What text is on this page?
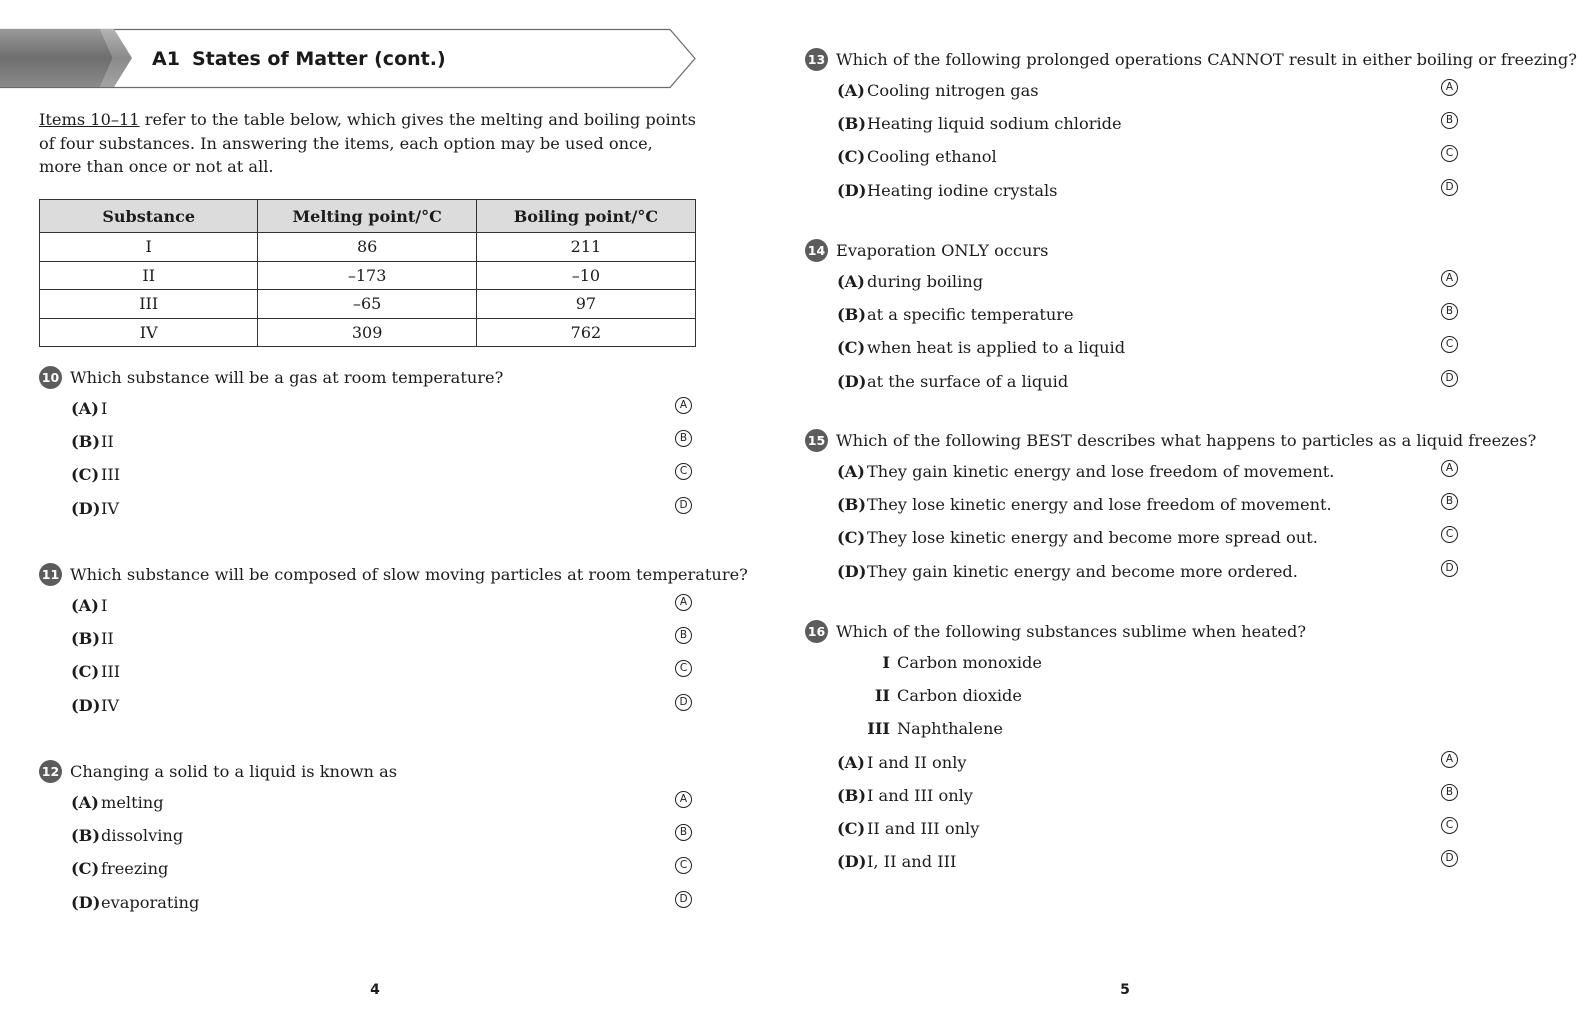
A1 States of Matter (cont.)
Items 10–11 refer to the table below, which gives the melting and boiling points of four substances. In answering the items, each option may be used once, more than once or not at all.
Substance	Melting point/°C	Boiling point/°C
I	86	211
II	–173	–10
III	–65	97
IV	309	762
10 Which substance will be a gas at room temperature?
(A) I	A
(B) II	B
(C) III	C
(D) IV	D
11 Which substance will be composed of slow moving particles at room temperature?
(A) I	A
(B) II	B
(C) III	C
(D) IV	D
12 Changing a solid to a liquid is known as
(A) melting	A
(B) dissolving	B
(C) freezing	C
(D) evaporating	D
4
13 Which of the following prolonged operations CANNOT result in either boiling or freezing?
(A) Cooling nitrogen gas	A
(B) Heating liquid sodium chloride	B
(C) Cooling ethanol	C
(D) Heating iodine crystals	D
14 Evaporation ONLY occurs
(A) during boiling	A
(B) at a specific temperature	B
(C) when heat is applied to a liquid	C
(D) at the surface of a liquid	D
15 Which of the following BEST describes what happens to particles as a liquid freezes?
(A) They gain kinetic energy and lose freedom of movement.	A
(B) They lose kinetic energy and lose freedom of movement.	B
(C) They lose kinetic energy and become more spread out.	C
(D) They gain kinetic energy and become more ordered.	D
16 Which of the following substances sublime when heated?
I Carbon monoxide
II Carbon dioxide
III Naphthalene
(A) I and II only	A
(B) I and III only	B
(C) II and III only	C
(D) I, II and III	D
5
